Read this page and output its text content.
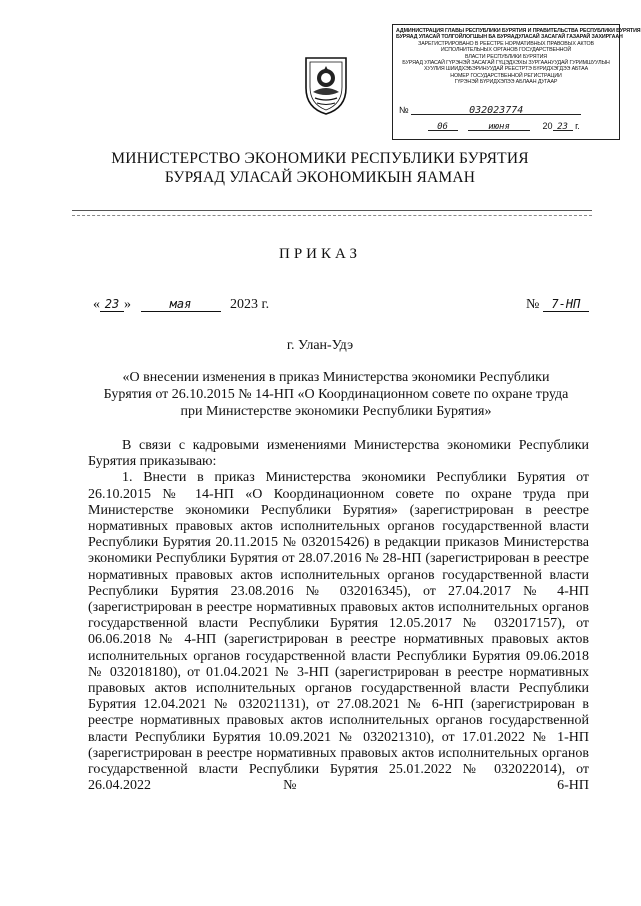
АДМИНИСТРАЦИЯ ГЛАВЫ РЕСПУБЛИКИ БУРЯТИЯ И ПРАВИТЕЛЬСТВА РЕСПУБЛИКИ БУРЯТИЯ
БУРЯАД УЛАСАЙ ТОЛГОЙЛОГШЫН БА БУРЯАДУЛАСАЙ ЗАСАГАЙ ГАЗАРАЙ ЗАХИРГААН
ЗАРЕГИСТРИРОВАНО В РЕЕСТРЕ НОРМАТИВНЫХ ПРАВОВЫХ АКТОВ
ИСПОЛНИТЕЛЬНЫХ ОРГАНОВ ГОСУДАРСТВЕННОЙ
ВЛАСТИ РЕСПУБЛИКИ БУРЯТИЯ
БУРЯАД УЛАСАЙ ГҮРЭНЭЙ ЗАСАГАЙ ГҮЦЭДХЭХЫ ЗУРГААНУУДАЙ ГУРИМШУУЛЫН
ХУУЛИЯ ШИИДХЭБЭРИНУУДАЙ РЕЕСТРТЭ БҮРИДХЭГДЭЭ АБТАА
НОМЕР ГОСУДАРСТВЕННОЙ РЕГИСТРАЦИИ
ГҮРЭНЭЙ БҮРИДХЭЛЭЭ АБЛААН ДУГААР
№	032023774
06	июня	20 23 г.
МИНИСТЕРСТВО ЭКОНОМИКИ РЕСПУБЛИКИ БУРЯТИЯ
БУРЯАД УЛАСАЙ ЭКОНОМИКЫН ЯАМАН
ПРИКАЗ
« 23 »	мая	2023 г.	№ 7-НП
г. Улан-Удэ
«О внесении изменения в приказ Министерства экономики Республики
Бурятия от 26.10.2015 № 14-НП «О Координационном совете по охране труда
при Министерстве экономики Республики Бурятия»

В связи с кадровыми изменениями Министерства экономики Республики Бурятия приказываю:

1. Внести в приказ Министерства экономики Республики Бурятия от 26.10.2015 № 14-НП «О Координационном совете по охране труда при Министерстве экономики Республики Бурятия» (зарегистрирован в реестре нормативных правовых актов исполнительных органов государственной власти Республики Бурятия 20.11.2015 № 032015426) в редакции приказов Министерства экономики Республики Бурятия от 28.07.2016 № 28-НП (зарегистрирован в реестре нормативных правовых актов исполнительных органов государственной власти Республики Бурятия 23.08.2016 № 032016345), от 27.04.2017 № 4-НП (зарегистрирован в реестре нормативных правовых актов исполнительных органов государственной власти Республики Бурятия 12.05.2017 № 032017157), от 06.06.2018 № 4-НП (зарегистрирован в реестре нормативных правовых актов исполнительных органов государственной власти Республики Бурятия 09.06.2018 № 032018180), от 01.04.2021 № 3-НП (зарегистрирован в реестре нормативных правовых актов исполнительных органов государственной власти Республики Бурятия 12.04.2021 № 032021131), от 27.08.2021 № 6-НП (зарегистрирован в реестре нормативных правовых актов исполнительных органов государственной власти Республики Бурятия 10.09.2021 № 032021310), от 17.01.2022 № 1-НП (зарегистрирован в реестре нормативных правовых актов исполнительных органов государственной власти Республики Бурятия 25.01.2022 № 032022014), от 26.04.2022 № 6-НП
